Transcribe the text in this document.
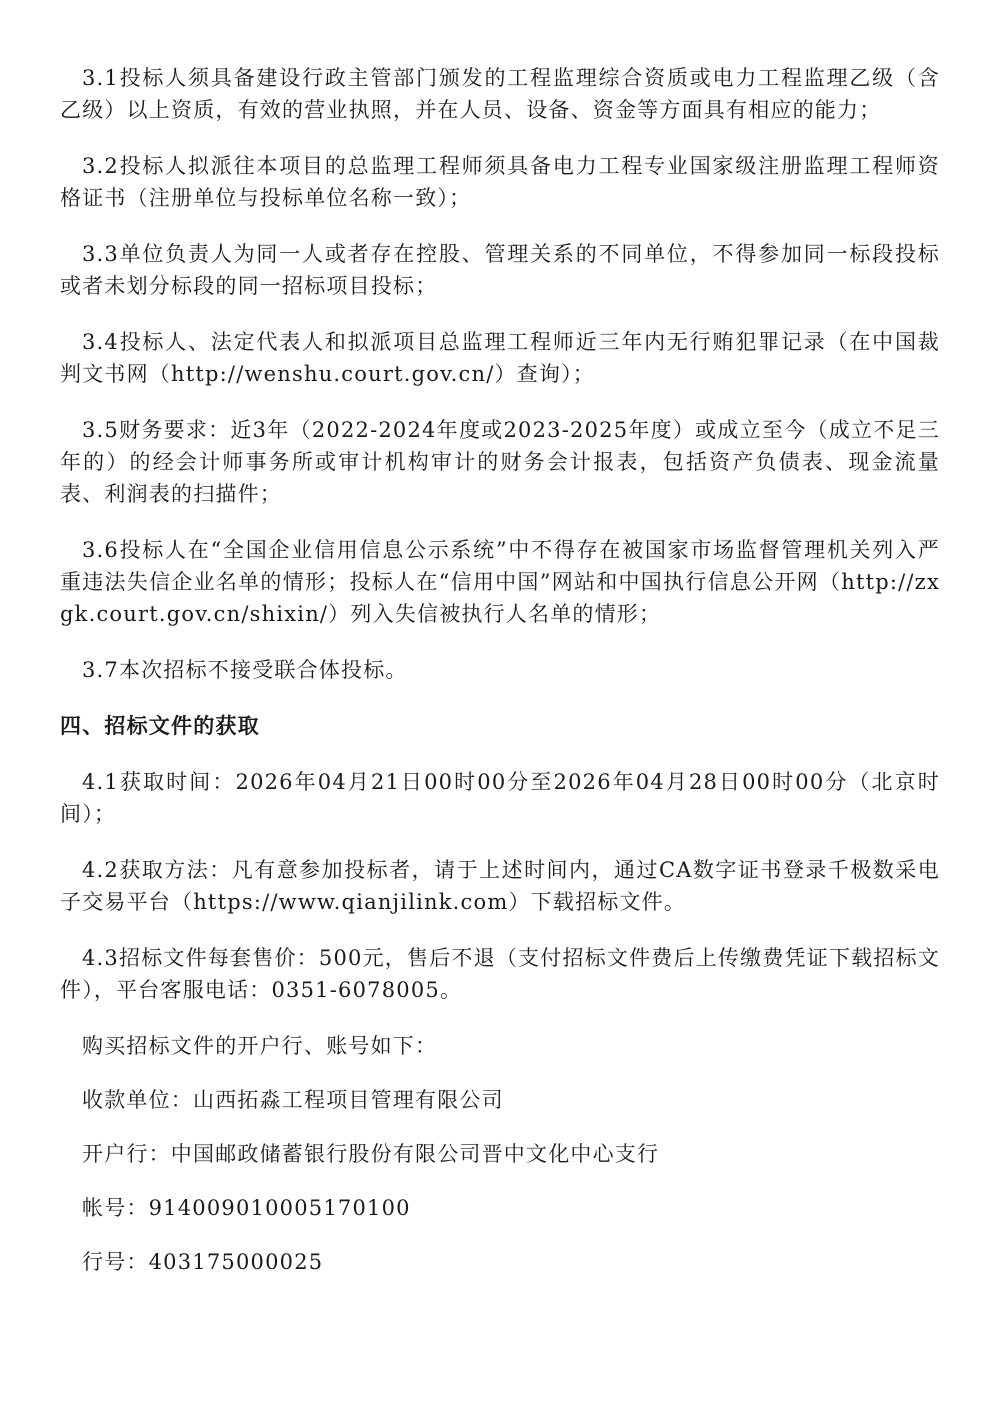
3.1投标人须具备建设行政主管部门颁发的工程监理综合资质或电力工程监理乙级（含乙级）以上资质，有效的营业执照，并在人员、设备、资金等方面具有相应的能力；

3.2投标人拟派往本项目的总监理工程师须具备电力工程专业国家级注册监理工程师资格证书（注册单位与投标单位名称一致）；

3.3单位负责人为同一人或者存在控股、管理关系的不同单位，不得参加同一标段投标或者未划分标段的同一招标项目投标；

3.4投标人、法定代表人和拟派项目总监理工程师近三年内无行贿犯罪记录（在中国裁判文书网（http://wenshu.court.gov.cn/）查询）；

3.5财务要求：近3年（2022-2024年度或2023-2025年度）或成立至今（成立不足三年的）的经会计师事务所或审计机构审计的财务会计报表，包括资产负债表、现金流量表、利润表的扫描件；

3.6投标人在“全国企业信用信息公示系统”中不得存在被国家市场监督管理机关列入严重违法失信企业名单的情形；投标人在“信用中国”网站和中国执行信息公开网（http://zxgk.court.gov.cn/shixin/）列入失信被执行人名单的情形；

3.7本次招标不接受联合体投标。

四、招标文件的获取

4.1获取时间：2026年04月21日00时00分至2026年04月28日00时00分（北京时间）；

4.2获取方法：凡有意参加投标者，请于上述时间内，通过CA数字证书登录千极数采电子交易平台（https://www.qianjilink.com）下载招标文件。

4.3招标文件每套售价：500元，售后不退（支付招标文件费后上传缴费凭证下载招标文件），平台客服电话：0351-6078005。

购买招标文件的开户行、账号如下：

收款单位：山西拓淼工程项目管理有限公司

开户行：中国邮政储蓄银行股份有限公司晋中文化中心支行

帐号：914009010005170100

行号：403175000025
